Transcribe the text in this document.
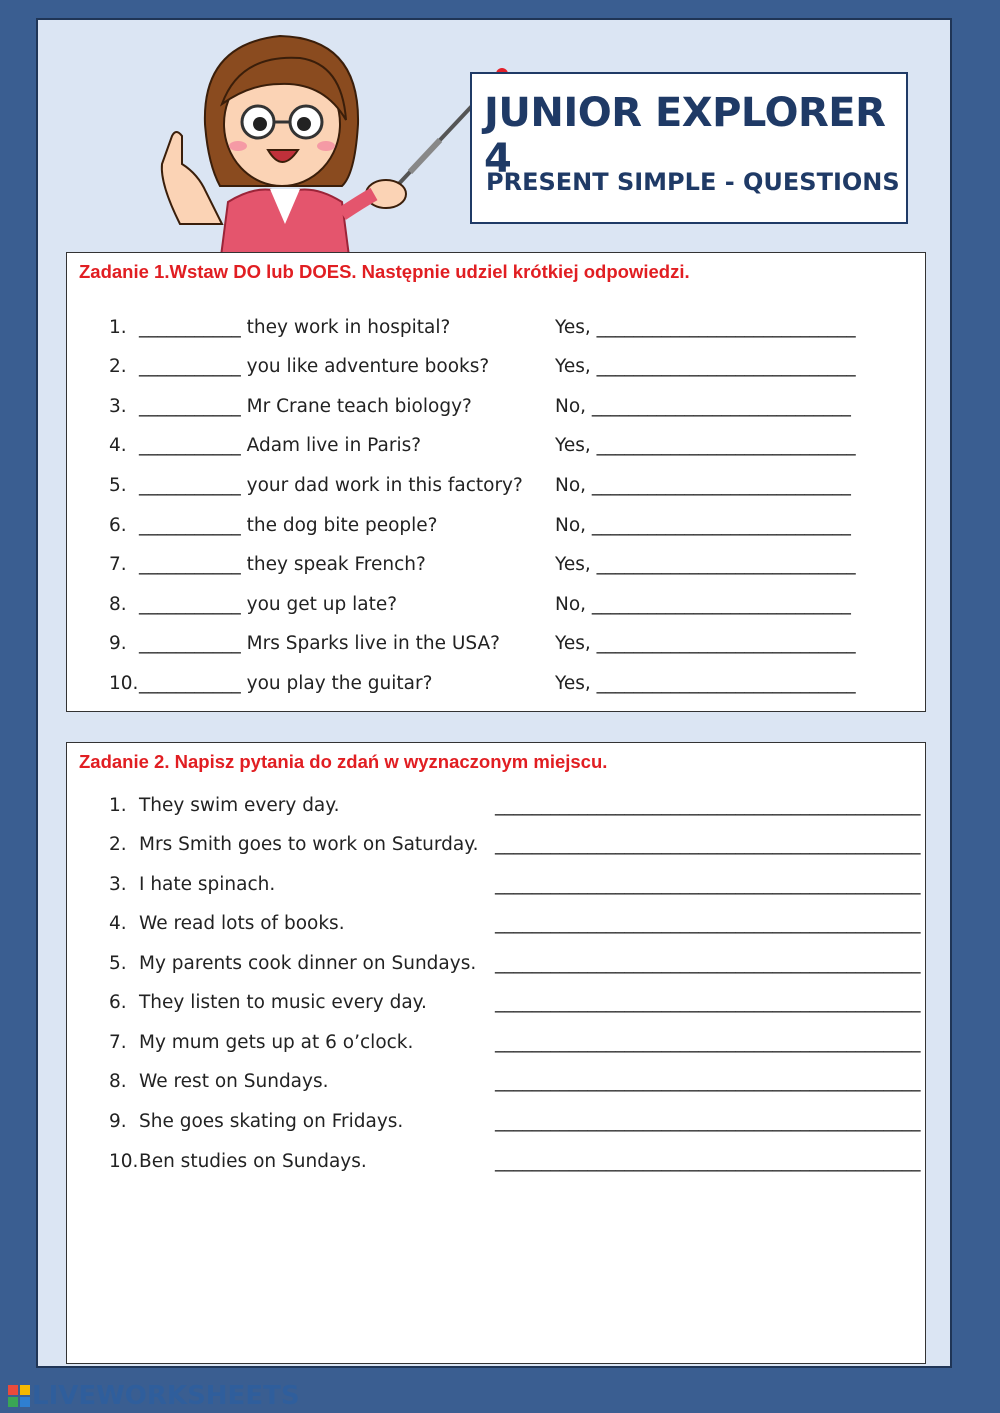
JUNIOR EXPLORER 4
PRESENT SIMPLE - QUESTIONS

Zadanie 1.Wstaw DO lub DOES. Następnie udziel krótkiej odpowiedzi.

1. ___________ they work in hospital?	Yes, ____________________________
2. ___________ you like adventure books?	Yes, ____________________________
3. ___________ Mr Crane teach biology?	No, ____________________________
4. ___________ Adam live in Paris?	Yes, ____________________________
5. ___________ your dad work in this factory? No, ____________________________
6. ___________ the dog bite people?	No, ____________________________
7. ___________ they speak French?	Yes, ____________________________
8. ___________ you get up late?	No, ____________________________
9. ___________ Mrs Sparks live in the USA?	Yes, ____________________________
10. ___________ you play the guitar?	Yes, ____________________________

Zadanie 2. Napisz pytania do zdań w wyznaczonym miejscu.

1. They swim every day.	______________________________________________
2. Mrs Smith goes to work on Saturday. ______________________________________________
3. I hate spinach.	______________________________________________
4. We read lots of books.	______________________________________________
5. My parents cook dinner on Sundays. ______________________________________________
6. They listen to music every day.	______________________________________________
7. My mum gets up at 6 o’clock.	______________________________________________
8. We rest on Sundays.	______________________________________________
9. She goes skating on Fridays.	______________________________________________
10. Ben studies on Sundays.	______________________________________________
LIVEWORKSHEETS
